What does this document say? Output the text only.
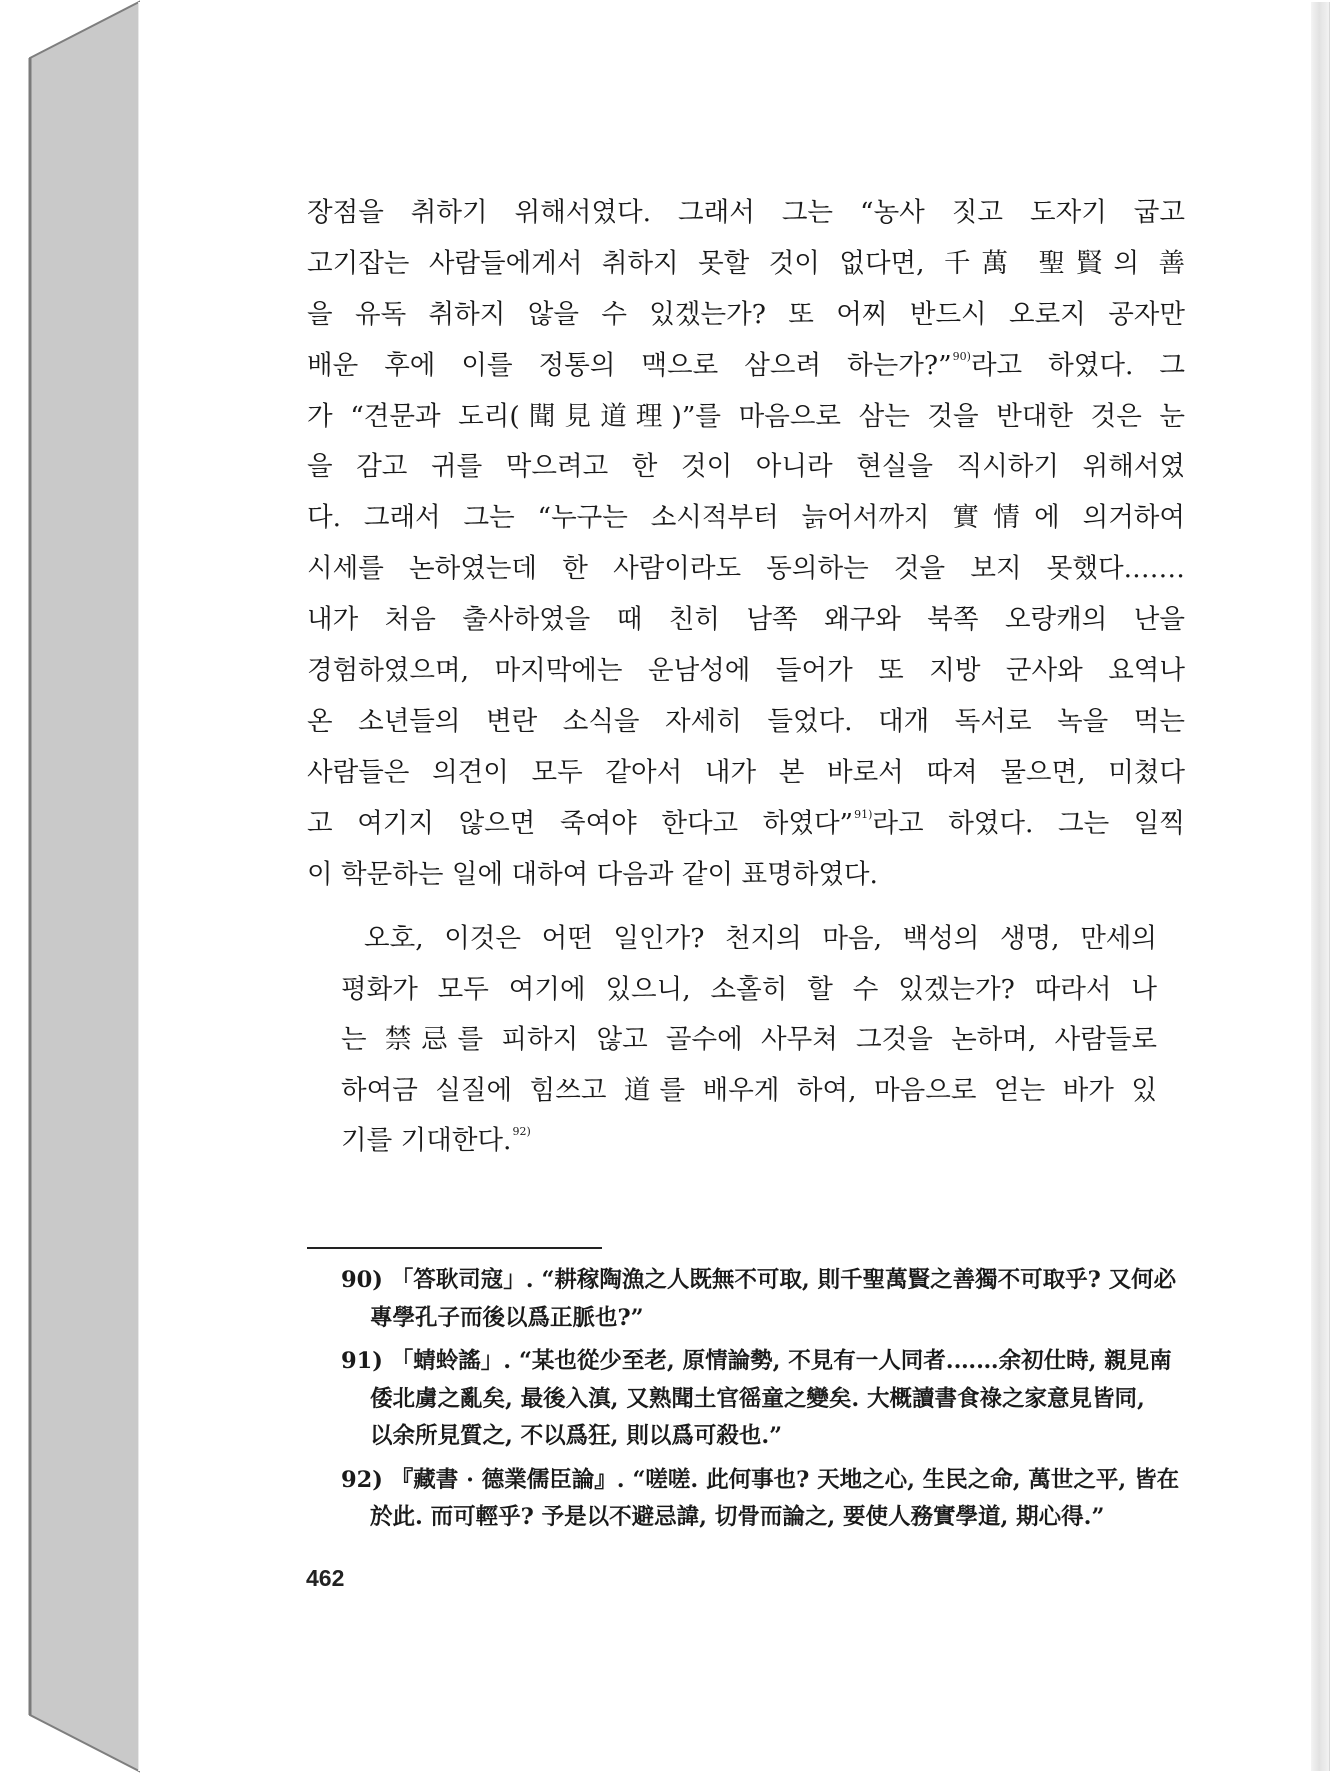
장점을 취하기 위해서였다. 그래서 그는 “농사 짓고 도자기 굽고
고기잡는 사람들에게서 취하지 못할 것이 없다면, 千萬 聖賢의 善
을 유독 취하지 않을 수 있겠는가? 또 어찌 반드시 오로지 공자만
배운 후에 이를 정통의 맥으로 삼으려 하는가?”$^{90)}$라고 하였다. 그
가 “견문과 도리(聞見道理)”를 마음으로 삼는 것을 반대한 것은 눈
을 감고 귀를 막으려고 한 것이 아니라 현실을 직시하기 위해서였
다. 그래서 그는 “누구는 소시적부터 늙어서까지 實情에 의거하여
시세를 논하였는데 한 사람이라도 동의하는 것을 보지 못했다.……
내가 처음 출사하였을 때 친히 남쪽 왜구와 북쪽 오랑캐의 난을
경험하였으며, 마지막에는 운남성에 들어가 또 지방 군사와 요역나
온 소년들의 변란 소식을 자세히 들었다. 대개 독서로 녹을 먹는
사람들은 의견이 모두 같아서 내가 본 바로서 따져 물으면, 미쳤다
고 여기지 않으면 죽여야 한다고 하였다”$^{91)}$라고 하였다. 그는 일찍
이 학문하는 일에 대하여 다음과 같이 표명하였다.
오호, 이것은 어떤 일인가? 천지의 마음, 백성의 생명, 만세의
평화가 모두 여기에 있으니, 소홀히 할 수 있겠는가? 따라서 나
는 禁忌를 피하지 않고 골수에 사무쳐 그것을 논하며, 사람들로
하여금 실질에 힘쓰고 道를 배우게 하여, 마음으로 얻는 바가 있
기를 기대한다.$^{92)}$
90) 「答耿司寇」. “耕稼陶漁之人既無不可取, 則千聖萬賢之善獨不可取乎? 又何必
專學孔子而後以爲正脈也?”
91) 「蜻蛉謠」. “某也從少至老, 原情論勢, 不見有一人同者.……余初仕時, 親見南
倭北虜之亂矣, 最後入滇, 又熟聞土官徭童之變矣. 大概讀書食祿之家意見皆同,
以余所見質之, 不以爲狂, 則以爲可殺也.”
92) 『藏書 · 德業儒臣論』. “嗟嗟. 此何事也? 天地之心, 生民之命, 萬世之平, 皆在
於此. 而可輕乎? 予是以不避忌諱, 切骨而論之, 要使人務實學道, 期心得.”
462
